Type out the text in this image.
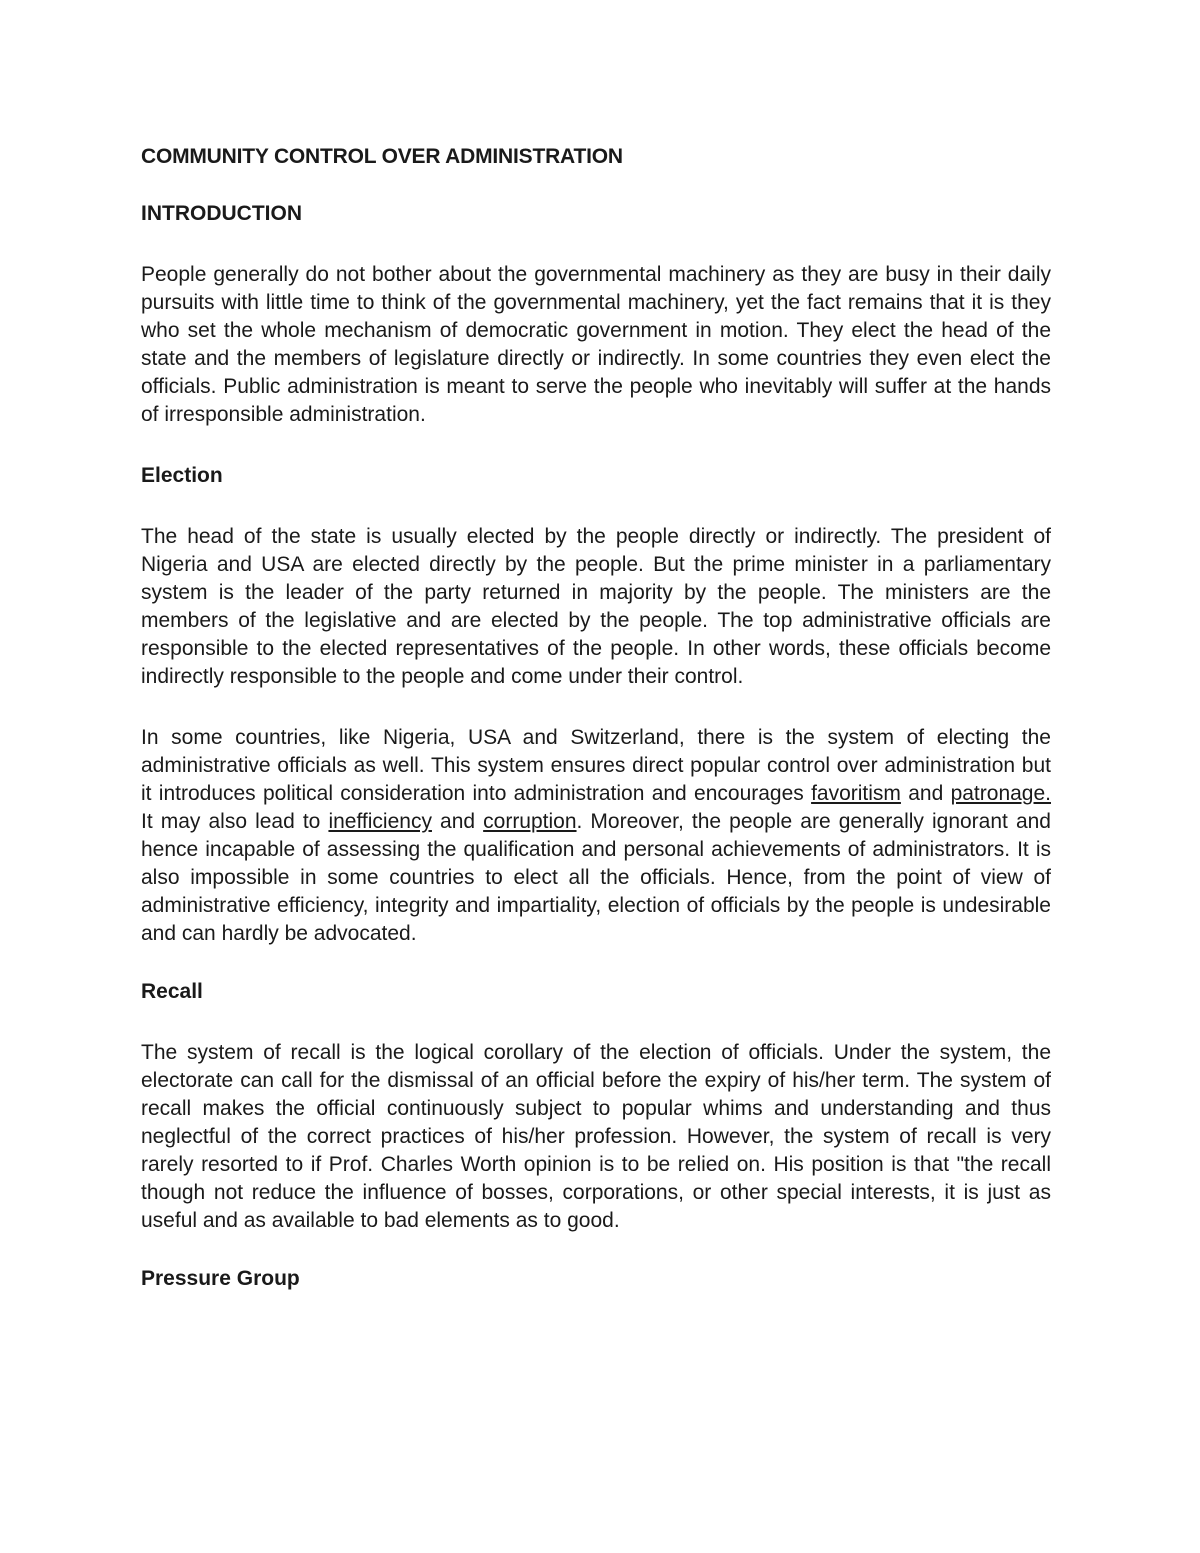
COMMUNITY CONTROL OVER ADMINISTRATION
INTRODUCTION

People generally do not bother about the governmental machinery as they are busy in their daily pursuits with little time to think of the governmental machinery, yet the fact remains that it is they who set the whole mechanism of democratic government in motion. They elect the head of the state and the members of legislature directly or indirectly. In some countries they even elect the officials. Public administration is meant to serve the people who inevitably will suffer at the hands of irresponsible administration.

Election

The head of the state is usually elected by the people directly or indirectly. The president of Nigeria and USA are elected directly by the people. But the prime minister in a parliamentary system is the leader of the party returned in majority by the people. The ministers are the members of the legislative and are elected by the people. The top administrative officials are responsible to the elected representatives of the people. In other words, these officials become indirectly responsible to the people and come under their control.

In some countries, like Nigeria, USA and Switzerland, there is the system of electing the administrative officials as well. This system ensures direct popular control over administration but it introduces political consideration into administration and encourages favoritism and patronage. It may also lead to inefficiency and corruption. Moreover, the people are generally ignorant and hence incapable of assessing the qualification and personal achievements of administrators. It is also impossible in some countries to elect all the officials. Hence, from the point of view of administrative efficiency, integrity and impartiality, election of officials by the people is undesirable and can hardly be advocated.

Recall

The system of recall is the logical corollary of the election of officials. Under the system, the electorate can call for the dismissal of an official before the expiry of his/her term. The system of recall makes the official continuously subject to popular whims and understanding and thus neglectful of the correct practices of his/her profession. However, the system of recall is very rarely resorted to if Prof. Charles Worth opinion is to be relied on. His position is that "the recall though not reduce the influence of bosses, corporations, or other special interests, it is just as useful and as available to bad elements as to good.

Pressure Group
